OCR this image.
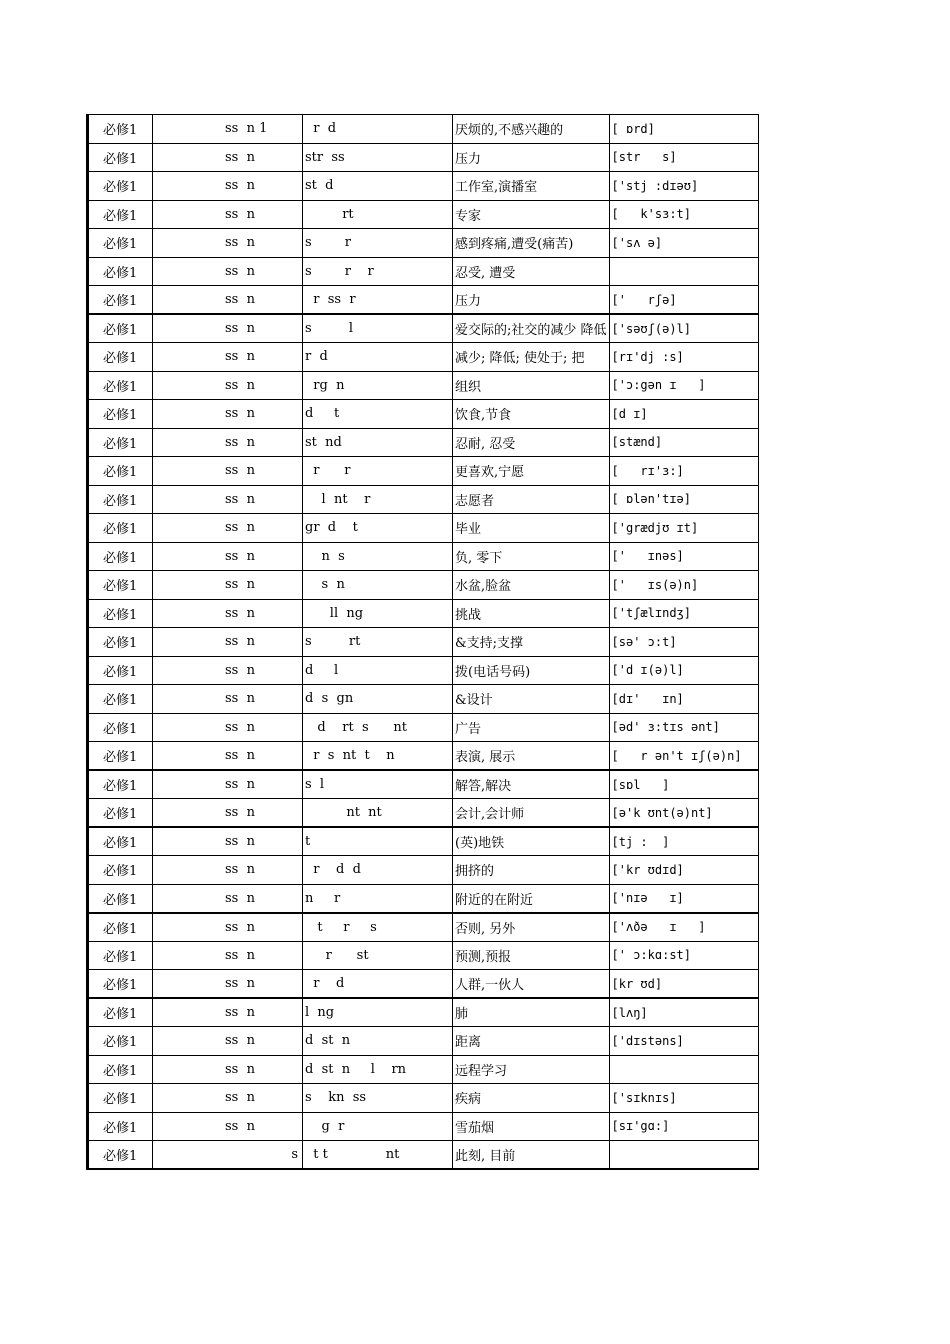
必修1	ss  n 1	r  d	厌烦的,不感兴趣的	[ ɒrd]
必修1	ss  n	str  ss	压力	[str   s]
必修1	ss  n	st  d	工作室,演播室	['stj :dɪəʊ]
必修1	ss  n	rt	专家	[   k'sɜ:t]
必修1	ss  n	s        r	感到疼痛,遭受(痛苦)	['sʌ ə]
必修1	ss  n	s        r    r	忍受, 遭受	
必修1	ss  n	r  ss  r	压力	['   rʃə]
必修1	ss  n	s         l	爱交际的;社交的减少 降低	['səʊʃ(ə)l]
必修1	ss  n	r  d	减少; 降低; 使处于; 把	[rɪ'dj :s]
必修1	ss  n	rg  n	组织	['ɔ:gən ɪ   ]
必修1	ss  n	d     t	饮食,节食	[d ɪ]
必修1	ss  n	st  nd	忍耐, 忍受	[stænd]
必修1	ss  n	r      r	更喜欢,宁愿	[   rɪ'ɜ:]
必修1	ss  n	l  nt    r	志愿者	[ ɒlən'tɪə]
必修1	ss  n	gr  d    t	毕业	['grædjʊ ɪt]
必修1	ss  n	n  s	负, 零下	['   ɪnəs]
必修1	ss  n	s  n	水盆,脸盆	['   ɪs(ə)n]
必修1	ss  n	ll  ng	挑战	['tʃælɪndʒ]
必修1	ss  n	s         rt	&支持;支撑	[sə' ɔ:t]
必修1	ss  n	d     l	拨(电话号码)	['d ɪ(ə)l]
必修1	ss  n	d  s  gn	&设计	[dɪ'   ɪn]
必修1	ss  n	d    rt  s      nt	广告	[əd' ɜ:tɪs ənt]
必修1	ss  n	r  s  nt  t    n	表演, 展示	[   r ən't ɪʃ(ə)n]
必修1	ss  n	s  l	解答,解决	[sɒl   ]
必修1	ss  n	nt  nt	会计,会计师	[ə'k ʊnt(ə)nt]
必修1	ss  n	t	(英)地铁	[tj :  ]
必修1	ss  n	r    d  d	拥挤的	['kr ʊdɪd]
必修1	ss  n	n     r	附近的在附近	['nɪə   ɪ]
必修1	ss  n	t     r     s	否则, 另外	['ʌðə   ɪ   ]
必修1	ss  n	r      st	预测,预报	[' ɔ:kɑ:st]
必修1	ss  n	r    d	人群,一伙人	[kr ʊd]
必修1	ss  n	l  ng	肺	[lʌŋ]
必修1	ss  n	d  st  n	距离	['dɪstəns]
必修1	ss  n	d  st  n     l    rn	远程学习	
必修1	ss  n	s    kn  ss	疾病	['sɪknɪs]
必修1	ss  n	g  r	雪茄烟	[sɪ'gɑ:]
必修1	s	t t              nt	此刻, 目前	
